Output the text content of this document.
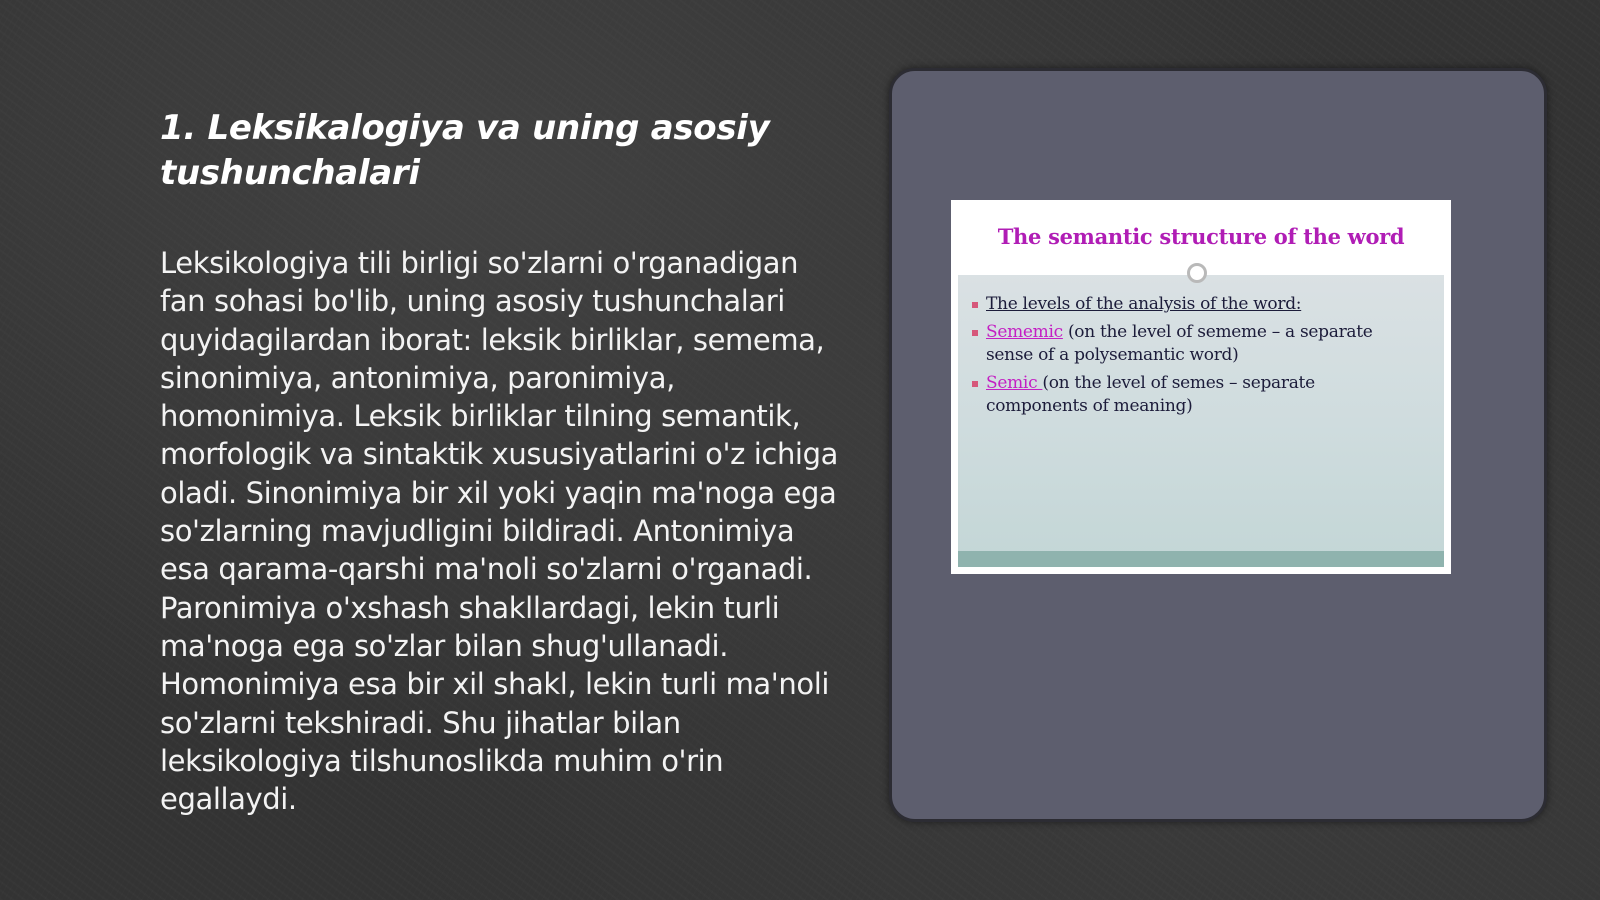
1. Leksikalogiya va uning asosiy tushunchalari

Leksikologiya tili birligi so'zlarni o'rganadigan fan sohasi bo'lib, uning asosiy tushunchalari quyidagilardan iborat: leksik birliklar, semema, sinonimiya, antonimiya, paronimiya, homonimiya. Leksik birliklar tilning semantik, morfologik va sintaktik xususiyatlarini o'z ichiga oladi. Sinonimiya bir xil yoki yaqin ma'noga ega so'zlarning mavjudligini bildiradi. Antonimiya esa qarama-qarshi ma'noli so'zlarni o'rganadi. Paronimiya o'xshash shakllardagi, lekin turli ma'noga ega so'zlar bilan shug'ullanadi. Homonimiya esa bir xil shakl, lekin turli ma'noli so'zlarni tekshiradi. Shu jihatlar bilan leksikologiya tilshunoslikda muhim o'rin egallaydi.

The semantic structure of the word

The levels of the analysis of the word:
Sememic (on the level of sememe – a separate sense of a polysemantic word)
Semic (on the level of semes – separate components of meaning)
